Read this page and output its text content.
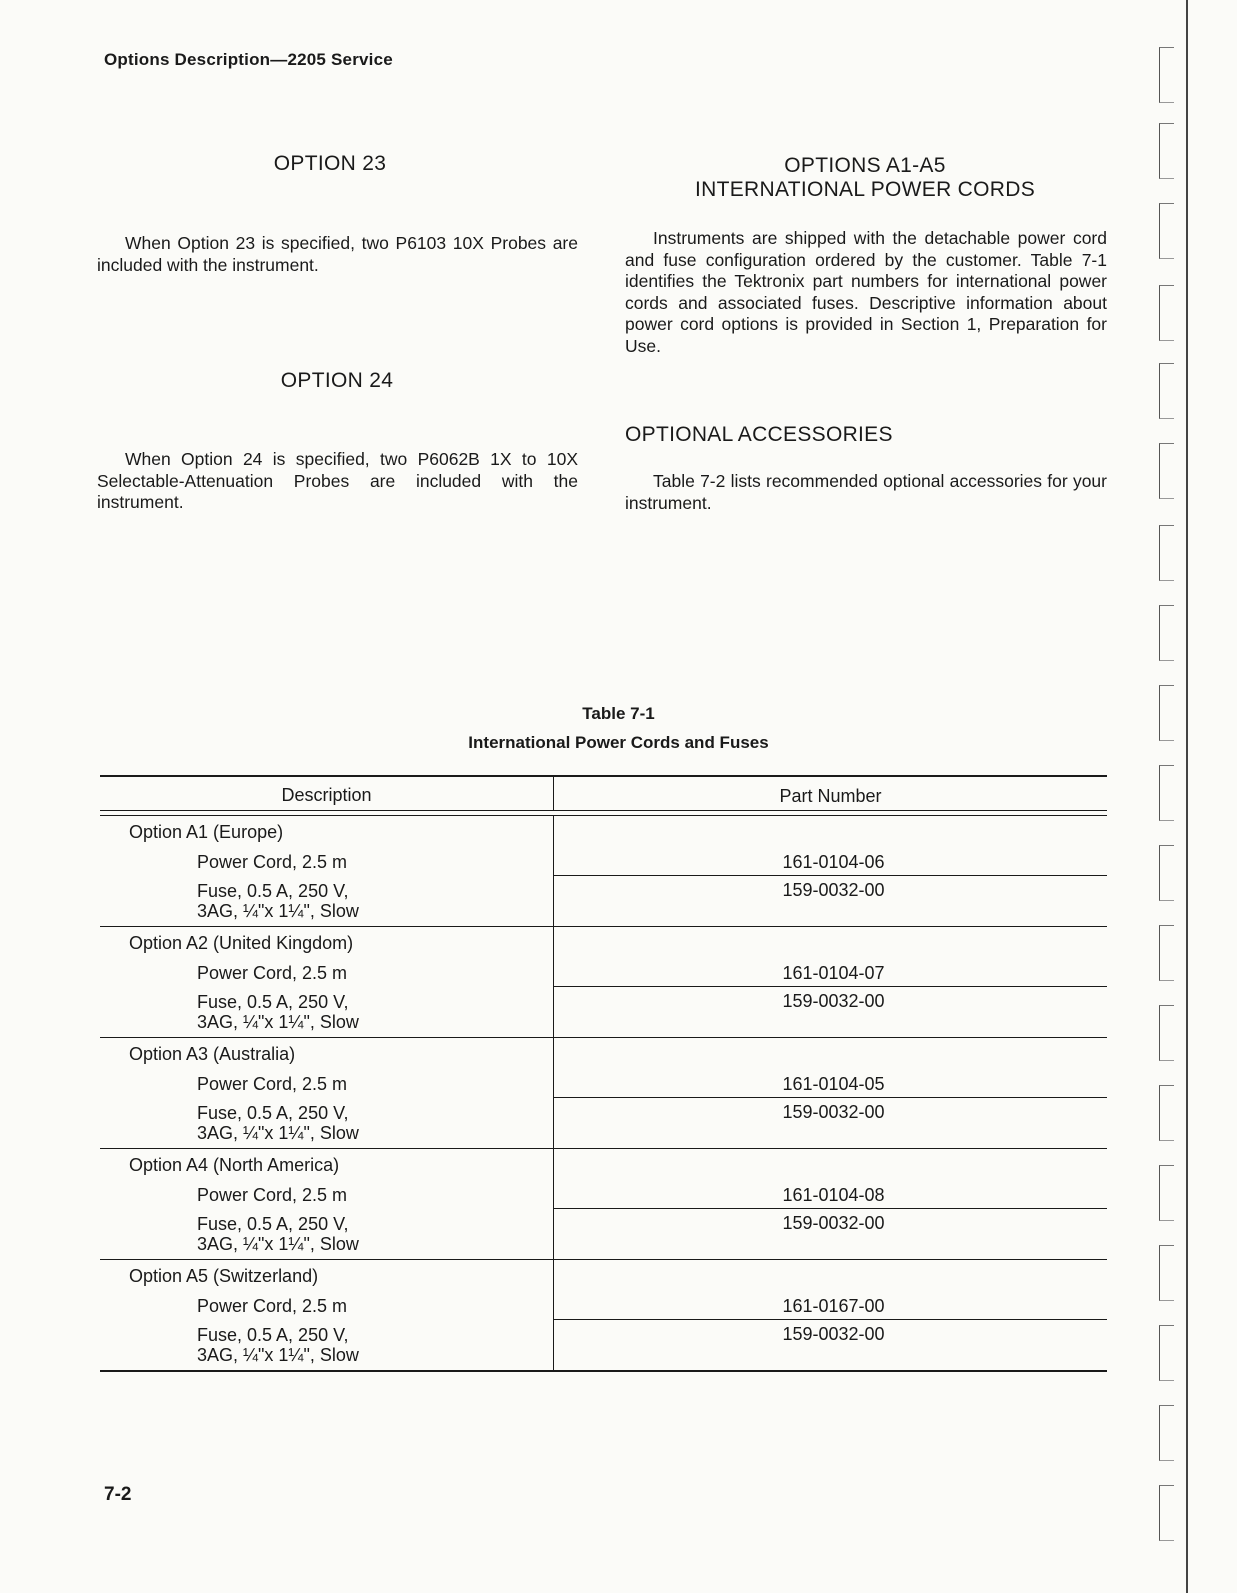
Options Description—2205 Service
OPTION 23
When Option 23 is specified, two P6103 10X Probes are included with the instrument.
OPTION 24
When Option 24 is specified, two P6062B 1X to 10X Selectable-Attenuation Probes are included with the instrument.
OPTIONS A1-A5
INTERNATIONAL POWER CORDS
Instruments are shipped with the detachable power cord and fuse configuration ordered by the customer. Table 7-1 identifies the Tektronix part numbers for international power cords and associated fuses. Descriptive information about power cord options is provided in Section 1, Preparation for Use.
OPTIONAL ACCESSORIES
Table 7-2 lists recommended optional accessories for your instrument.
Table 7-1
International Power Cords and Fuses
Description	Part Number
Option A1 (Europe)
Power Cord, 2.5 m	161-0104-06
Fuse, 0.5 A, 250 V,
3AG, ¼"x 1¼", Slow
159-0032-00
Option A2 (United Kingdom)
Power Cord, 2.5 m	161-0104-07
Fuse, 0.5 A, 250 V,
3AG, ¼"x 1¼", Slow
159-0032-00
Option A3 (Australia)
Power Cord, 2.5 m	161-0104-05
Fuse, 0.5 A, 250 V,
3AG, ¼"x 1¼", Slow
159-0032-00
Option A4 (North America)
Power Cord, 2.5 m	161-0104-08
Fuse, 0.5 A, 250 V,
3AG, ¼"x 1¼", Slow
159-0032-00
Option A5 (Switzerland)
Power Cord, 2.5 m	161-0167-00
Fuse, 0.5 A, 250 V,
3AG, ¼"x 1¼", Slow
159-0032-00
7-2
